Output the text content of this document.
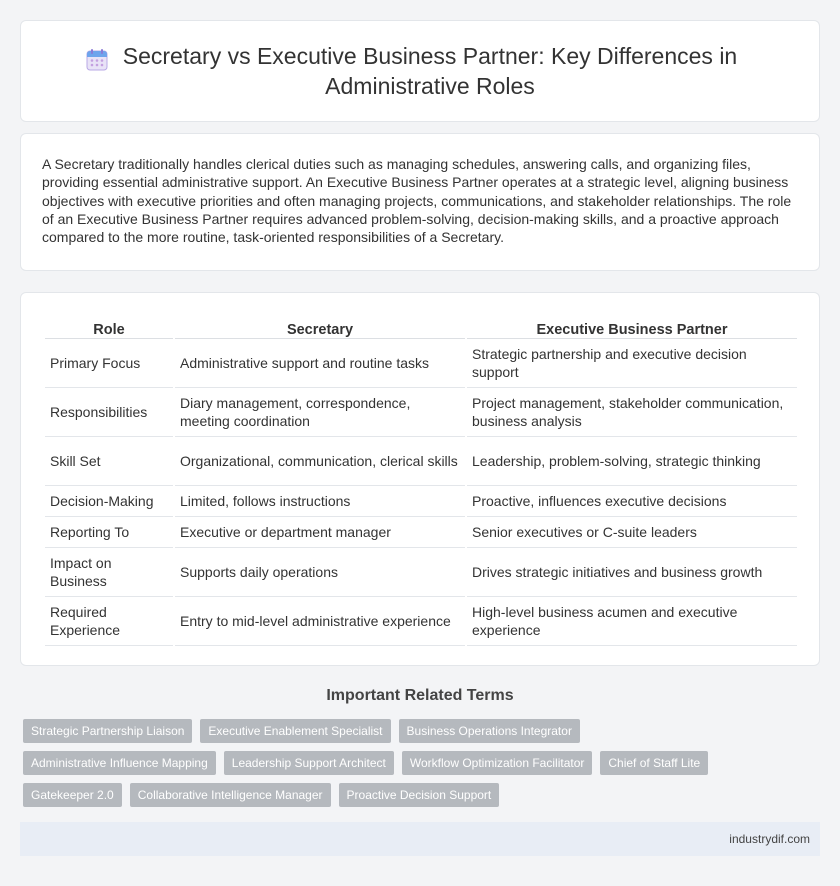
Secretary vs Executive Business Partner: Key Differences in Administrative Roles

A Secretary traditionally handles clerical duties such as managing schedules, answering calls, and organizing files, providing essential administrative support. An Executive Business Partner operates at a strategic level, aligning business objectives with executive priorities and often managing projects, communications, and stakeholder relationships. The role of an Executive Business Partner requires advanced problem-solving, decision-making skills, and a proactive approach compared to the more routine, task-oriented responsibilities of a Secretary.

Role	Secretary	Executive Business Partner
Primary Focus	Administrative support and routine tasks	Strategic partnership and executive decision support
Responsibilities	Diary management, correspondence, meeting coordination	Project management, stakeholder communication, business analysis
Skill Set	Organizational, communication, clerical skills	Leadership, problem-solving, strategic thinking
Decision-Making	Limited, follows instructions	Proactive, influences executive decisions
Reporting To	Executive or department manager	Senior executives or C-suite leaders
Impact on Business	Supports daily operations	Drives strategic initiatives and business growth
Required Experience	Entry to mid-level administrative experience	High-level business acumen and executive experience
Important Related Terms
Strategic Partnership Liaison	Executive Enablement Specialist	Business Operations Integrator
Administrative Influence Mapping	Leadership Support Architect	Workflow Optimization Facilitator	Chief of Staff Lite
Gatekeeper 2.0	Collaborative Intelligence Manager	Proactive Decision Support
industrydif.com
